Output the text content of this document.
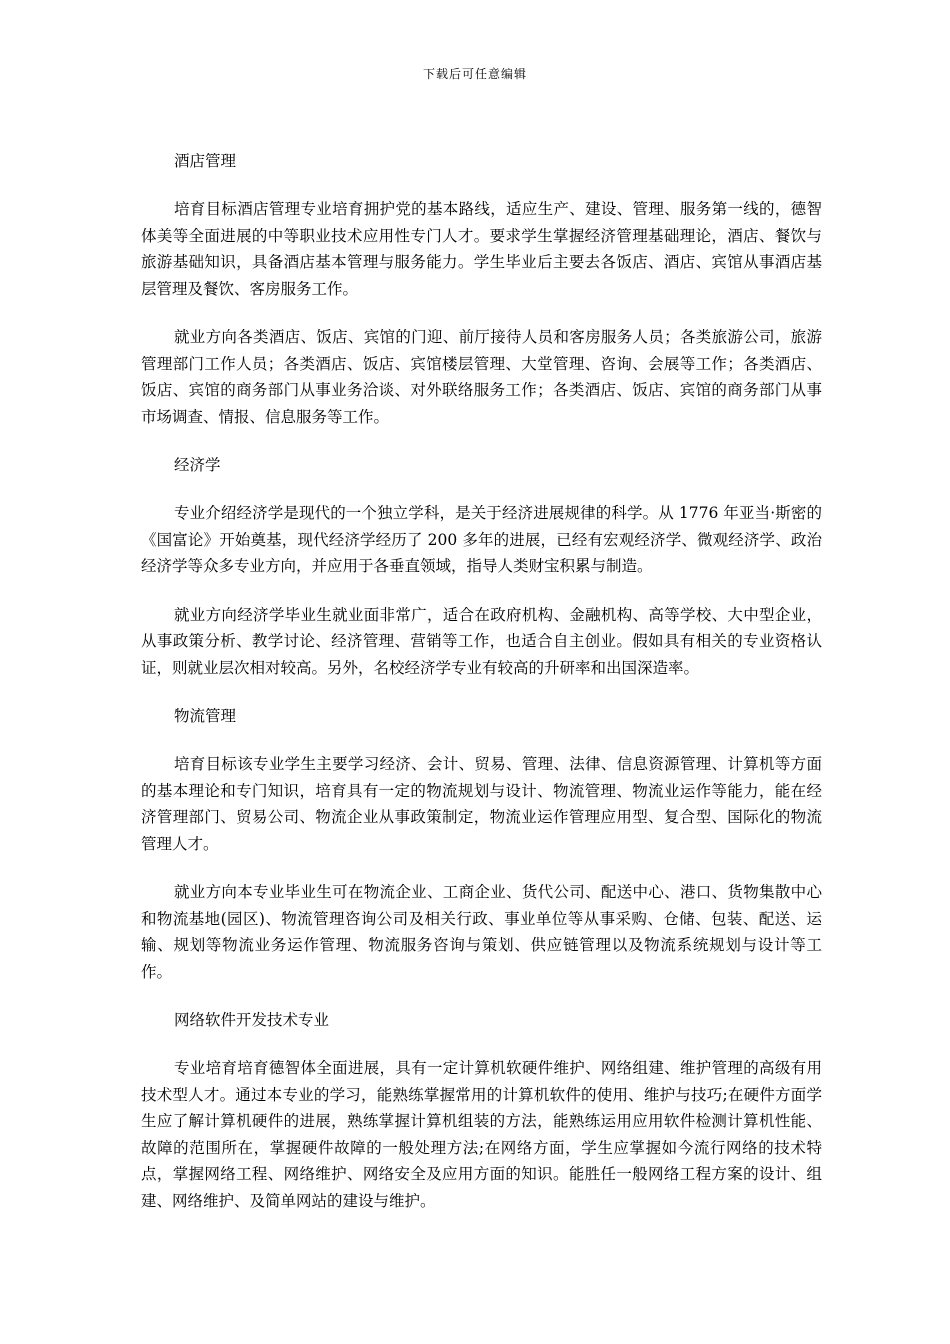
下载后可任意编辑
酒店管理

培育目标酒店管理专业培育拥护党的基本路线，适应生产、建设、管理、服务第一线的，德智体美等全面进展的中等职业技术应用性专门人才。要求学生掌握经济管理基础理论，酒店、餐饮与旅游基础知识，具备酒店基本管理与服务能力。学生毕业后主要去各饭店、酒店、宾馆从事酒店基层管理及餐饮、客房服务工作。

就业方向各类酒店、饭店、宾馆的门迎、前厅接待人员和客房服务人员；各类旅游公司，旅游管理部门工作人员；各类酒店、饭店、宾馆楼层管理、大堂管理、咨询、会展等工作；各类酒店、饭店、宾馆的商务部门从事业务洽谈、对外联络服务工作；各类酒店、饭店、宾馆的商务部门从事市场调查、情报、信息服务等工作。

经济学

专业介绍经济学是现代的一个独立学科，是关于经济进展规律的科学。从 1776 年亚当·斯密的《国富论》开始奠基，现代经济学经历了 200 多年的进展，已经有宏观经济学、微观经济学、政治经济学等众多专业方向，并应用于各垂直领域，指导人类财宝积累与制造。

就业方向经济学毕业生就业面非常广，适合在政府机构、金融机构、高等学校、大中型企业，从事政策分析、教学讨论、经济管理、营销等工作，也适合自主创业。假如具有相关的专业资格认证，则就业层次相对较高。另外，名校经济学专业有较高的升研率和出国深造率。

物流管理

培育目标该专业学生主要学习经济、会计、贸易、管理、法律、信息资源管理、计算机等方面的基本理论和专门知识，培育具有一定的物流规划与设计、物流管理、物流业运作等能力，能在经济管理部门、贸易公司、物流企业从事政策制定，物流业运作管理应用型、复合型、国际化的物流管理人才。

就业方向本专业毕业生可在物流企业、工商企业、货代公司、配送中心、港口、货物集散中心和物流基地(园区)、物流管理咨询公司及相关行政、事业单位等从事采购、仓储、包装、配送、运输、规划等物流业务运作管理、物流服务咨询与策划、供应链管理以及物流系统规划与设计等工作。

网络软件开发技术专业

专业培育培育德智体全面进展，具有一定计算机软硬件维护、网络组建、维护管理的高级有用技术型人才。通过本专业的学习，能熟练掌握常用的计算机软件的使用、维护与技巧;在硬件方面学生应了解计算机硬件的进展，熟练掌握计算机组装的方法，能熟练运用应用软件检测计算机性能、故障的范围所在，掌握硬件故障的一般处理方法;在网络方面，学生应掌握如今流行网络的技术特点，掌握网络工程、网络维护、网络安全及应用方面的知识。能胜任一般网络工程方案的设计、组建、网络维护、及简单网站的建设与维护。
